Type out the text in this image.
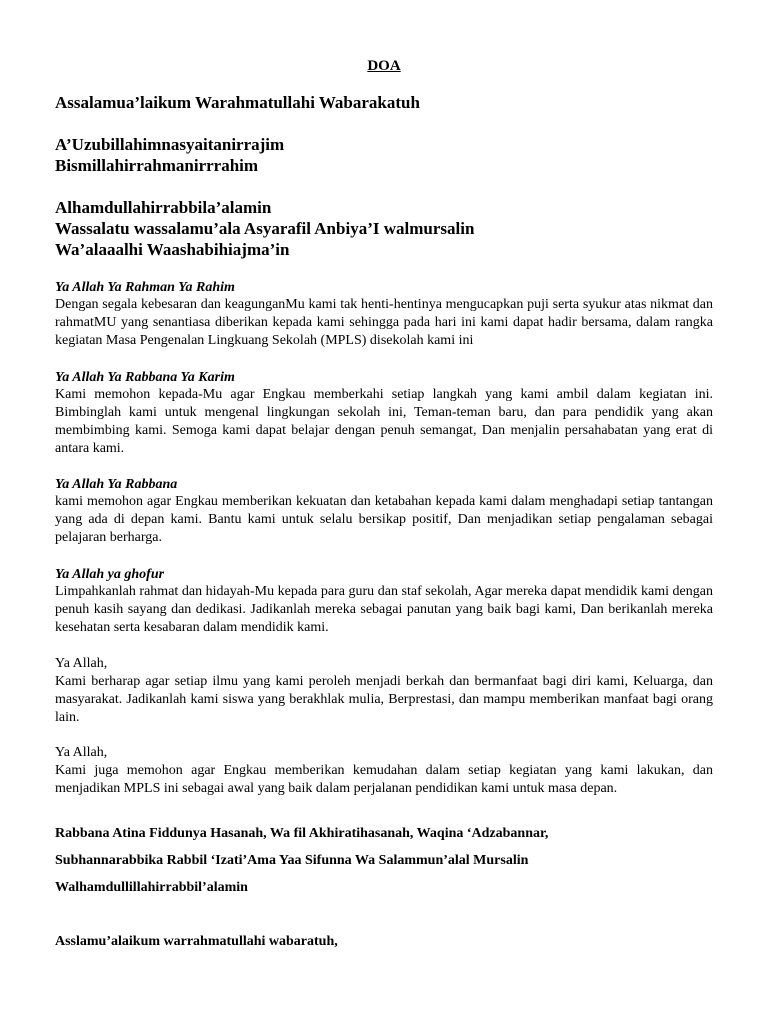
DOA

Assalamua’laikum Warahmatullahi Wabarakatuh

A’Uzubillahimnasyaitanirrajim

Bismillahirrahmanirrrahim

Alhamdullahirrabbila’alamin

Wassalatu wassalamu’ala Asyarafil Anbiya’I walmursalin

Wa’alaaalhi Waashabihiajma’in

Ya Allah Ya Rahman Ya Rahim

Dengan segala kebesaran dan keagunganMu kami tak henti-hentinya mengucapkan puji serta syukur atas nikmat dan rahmatMU yang senantiasa diberikan kepada kami sehingga pada hari ini kami dapat hadir bersama, dalam rangka kegiatan Masa Pengenalan Lingkuang Sekolah (MPLS) disekolah kami ini

Ya Allah Ya Rabbana Ya Karim

Kami memohon kepada-Mu agar Engkau memberkahi setiap langkah yang kami ambil dalam kegiatan ini. Bimbinglah kami untuk mengenal lingkungan sekolah ini, Teman-teman baru, dan para pendidik yang akan membimbing kami. Semoga kami dapat belajar dengan penuh semangat, Dan menjalin persahabatan yang erat di antara kami.

Ya Allah Ya Rabbana

kami memohon agar Engkau memberikan kekuatan dan ketabahan kepada kami dalam menghadapi setiap tantangan yang ada di depan kami. Bantu kami untuk selalu bersikap positif, Dan menjadikan setiap pengalaman sebagai pelajaran berharga.

Ya Allah ya ghofur

Limpahkanlah rahmat dan hidayah-Mu kepada para guru dan staf sekolah, Agar mereka dapat mendidik kami dengan penuh kasih sayang dan dedikasi. Jadikanlah mereka sebagai panutan yang baik bagi kami, Dan berikanlah mereka kesehatan serta kesabaran dalam mendidik kami.

Ya Allah,

Kami berharap agar setiap ilmu yang kami peroleh menjadi berkah dan bermanfaat bagi diri kami, Keluarga, dan masyarakat. Jadikanlah kami siswa yang berakhlak mulia, Berprestasi, dan mampu memberikan manfaat bagi orang lain.

Ya Allah,

Kami juga memohon agar Engkau memberikan kemudahan dalam setiap kegiatan yang kami lakukan, dan menjadikan MPLS ini sebagai awal yang baik dalam perjalanan pendidikan kami untuk masa depan.

Rabbana Atina Fiddunya Hasanah, Wa fil Akhiratihasanah, Waqina ‘Adzabannar,

Subhannarabbika Rabbil ‘Izati’Ama Yaa Sifunna Wa Salammun’alal Mursalin

Walhamdullillahirrabbil’alamin

Asslamu’alaikum warrahmatullahi wabaratuh,
